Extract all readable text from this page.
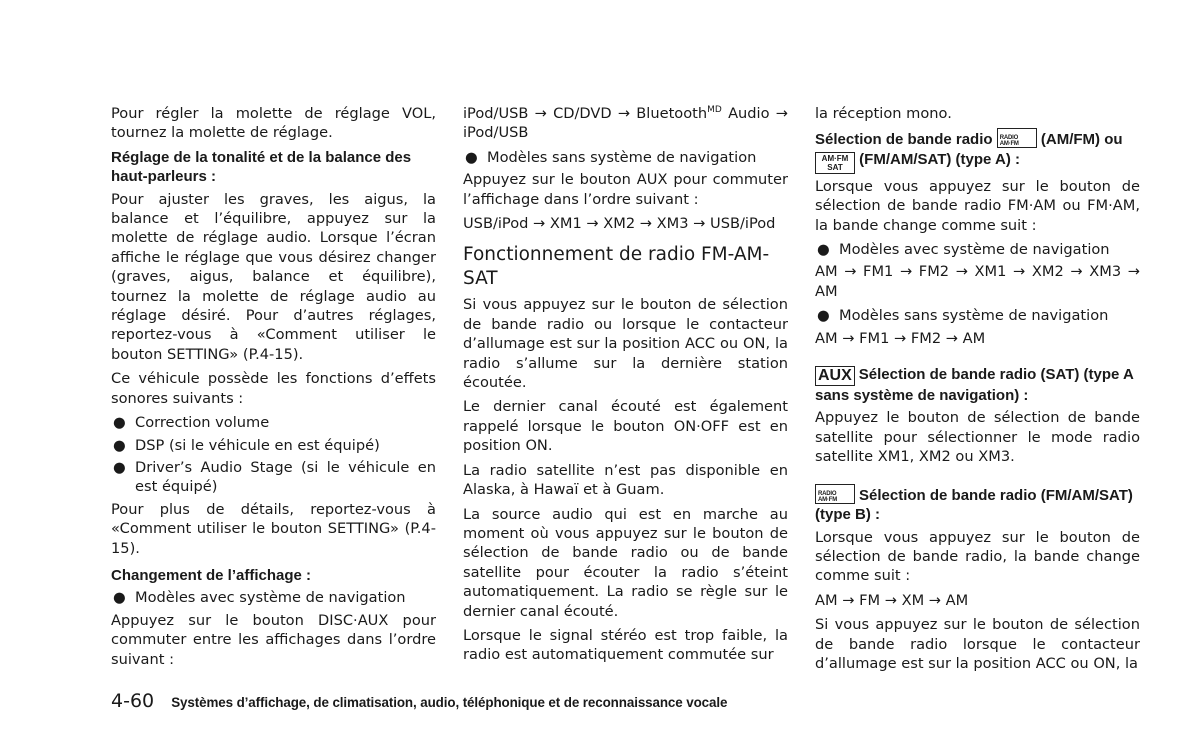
Pour régler la molette de réglage VOL, tournez la molette de réglage.

Réglage de la tonalité et de la balance des haut-parleurs :

Pour ajuster les graves, les aigus, la balance et l’équilibre, appuyez sur la molette de réglage audio. Lorsque l’écran affiche le réglage que vous désirez changer (graves, aigus, balance et équilibre), tournez la molette de réglage audio au réglage désiré. Pour d’autres réglages, reportez-vous à «Comment utiliser le bouton SETTING» (P.4-15).

Ce véhicule possède les fonctions d’effets sonores suivants :

● Correction volume
● DSP (si le véhicule en est équipé)
● Driver’s Audio Stage (si le véhicule en est équipé)

Pour plus de détails, reportez-vous à «Comment utiliser le bouton SETTING» (P.4-15).

Changement de l’affichage :

● Modèles avec système de navigation

Appuyez sur le bouton DISC·AUX pour commuter entre les affichages dans l’ordre suivant :

iPod/USB → CD/DVD → Bluetooth$^{MD}$ Audio → iPod/USB

● Modèles sans système de navigation

Appuyez sur le bouton AUX pour commuter l’affichage dans l’ordre suivant :

USB/iPod → XM1 → XM2 → XM3 → USB/iPod

Fonctionnement de radio FM-AM-SAT

Si vous appuyez sur le bouton de sélection de bande radio ou lorsque le contacteur d’allumage est sur la position ACC ou ON, la radio s’allume sur la dernière station écoutée.

Le dernier canal écouté est également rappelé lorsque le bouton ON·OFF est en position ON.

La radio satellite n’est pas disponible en Alaska, à Hawaï et à Guam.

La source audio qui est en marche au moment où vous appuyez sur le bouton de sélection de bande radio ou de bande satellite pour écouter la radio s’éteint automatiquement. La radio se règle sur le dernier canal écouté.

Lorsque le signal stéréo est trop faible, la radio est automatiquement commutée sur

la réception mono.

Sélection de bande radio RADIO AM·FM	(AM/FM) ou AM·FM
SAT (FM/AM/SAT) (type A) :

Lorsque vous appuyez sur le bouton de sélection de bande radio FM·AM ou FM·AM, la bande change comme suit :

● Modèles avec système de navigation

AM → FM1 → FM2 → XM1 → XM2 → XM3 → AM

● Modèles sans système de navigation

AM → FM1 → FM2 → AM

AUX Sélection de bande radio (SAT) (type A sans système de navigation) :

Appuyez le bouton de sélection de bande satellite pour sélectionner le mode radio satellite XM1, XM2 ou XM3.

RADIO AM·FM	Sélection de bande radio (FM/AM/SAT) (type B) :

Lorsque vous appuyez sur le bouton de sélection de bande radio, la bande change comme suit :

AM → FM → XM → AM

Si vous appuyez sur le bouton de sélection de bande radio lorsque le contacteur d’allumage est sur la position ACC ou ON, la

4-60 Systèmes d’affichage, de climatisation, audio, téléphonique et de reconnaissance vocale
